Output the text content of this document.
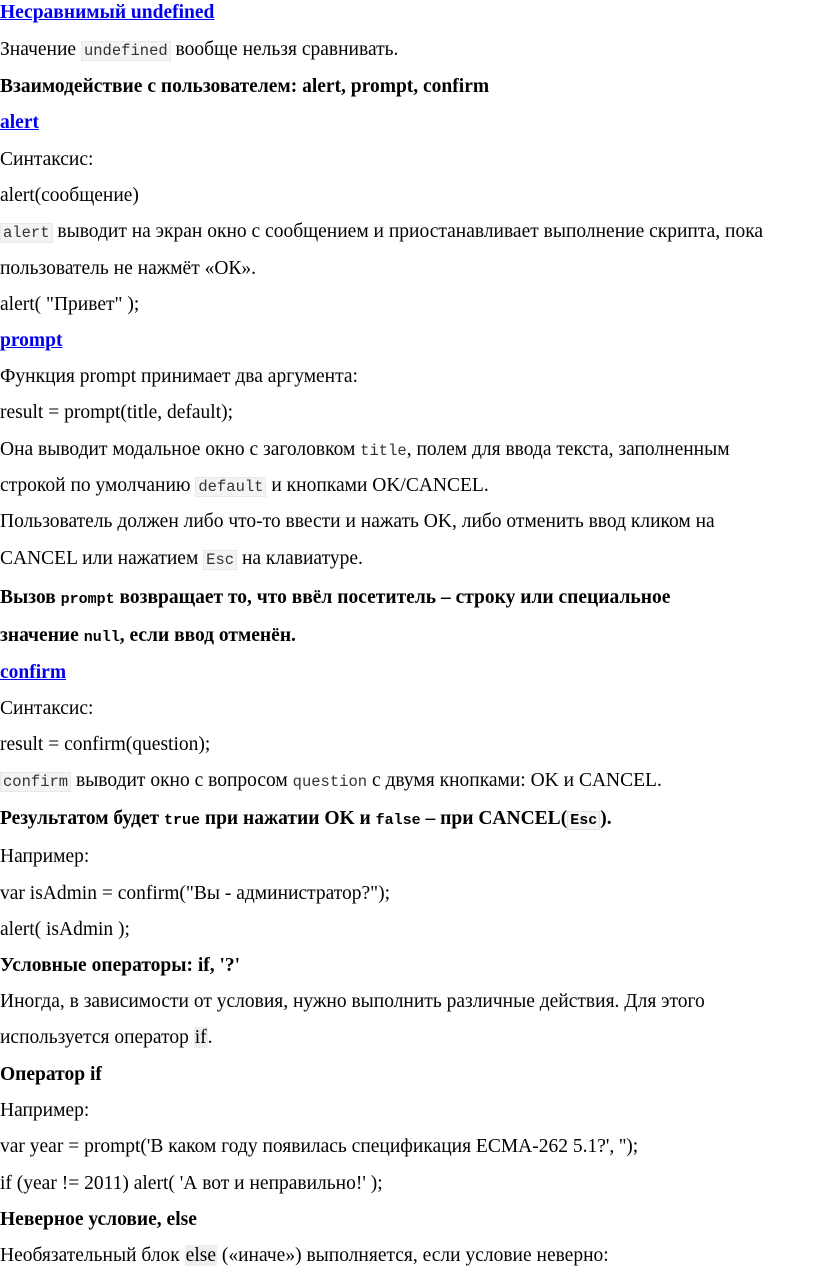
Несравнимый undefined
Значение undefined вообще нельзя сравнивать.
Взаимодействие с пользователем: alert, prompt, confirm
alert
Синтаксис:
alert(сообщение)
alert выводит на экран окно с сообщением и приостанавливает выполнение скрипта, пока
пользователь не нажмёт «ОК».
alert( "Привет" );
prompt
Функция prompt принимает два аргумента:
result = prompt(title, default);
Она выводит модальное окно с заголовком title, полем для ввода текста, заполненным
строкой по умолчанию default и кнопками OK/CANCEL.
Пользователь должен либо что-то ввести и нажать OK, либо отменить ввод кликом на
CANCEL или нажатием Esc на клавиатуре.
Вызов prompt возвращает то, что ввёл посетитель – строку или специальное
значение null, если ввод отменён.
confirm
Синтаксис:
result = confirm(question);
confirm выводит окно с вопросом question с двумя кнопками: OK и CANCEL.
Результатом будет true при нажатии OK и false – при CANCEL( Esc ).
Например:
var isAdmin = confirm("Вы - администратор?");
alert( isAdmin );
Условные операторы: if, '?'
Иногда, в зависимости от условия, нужно выполнить различные действия. Для этого
используется оператор if.
Оператор if
Например:
var year = prompt('В каком году появилась спецификация ECMA-262 5.1?', '');
if (year != 2011) alert( 'А вот и неправильно!' );
Неверное условие, else
Необязательный блок else («иначе») выполняется, если условие неверно:
